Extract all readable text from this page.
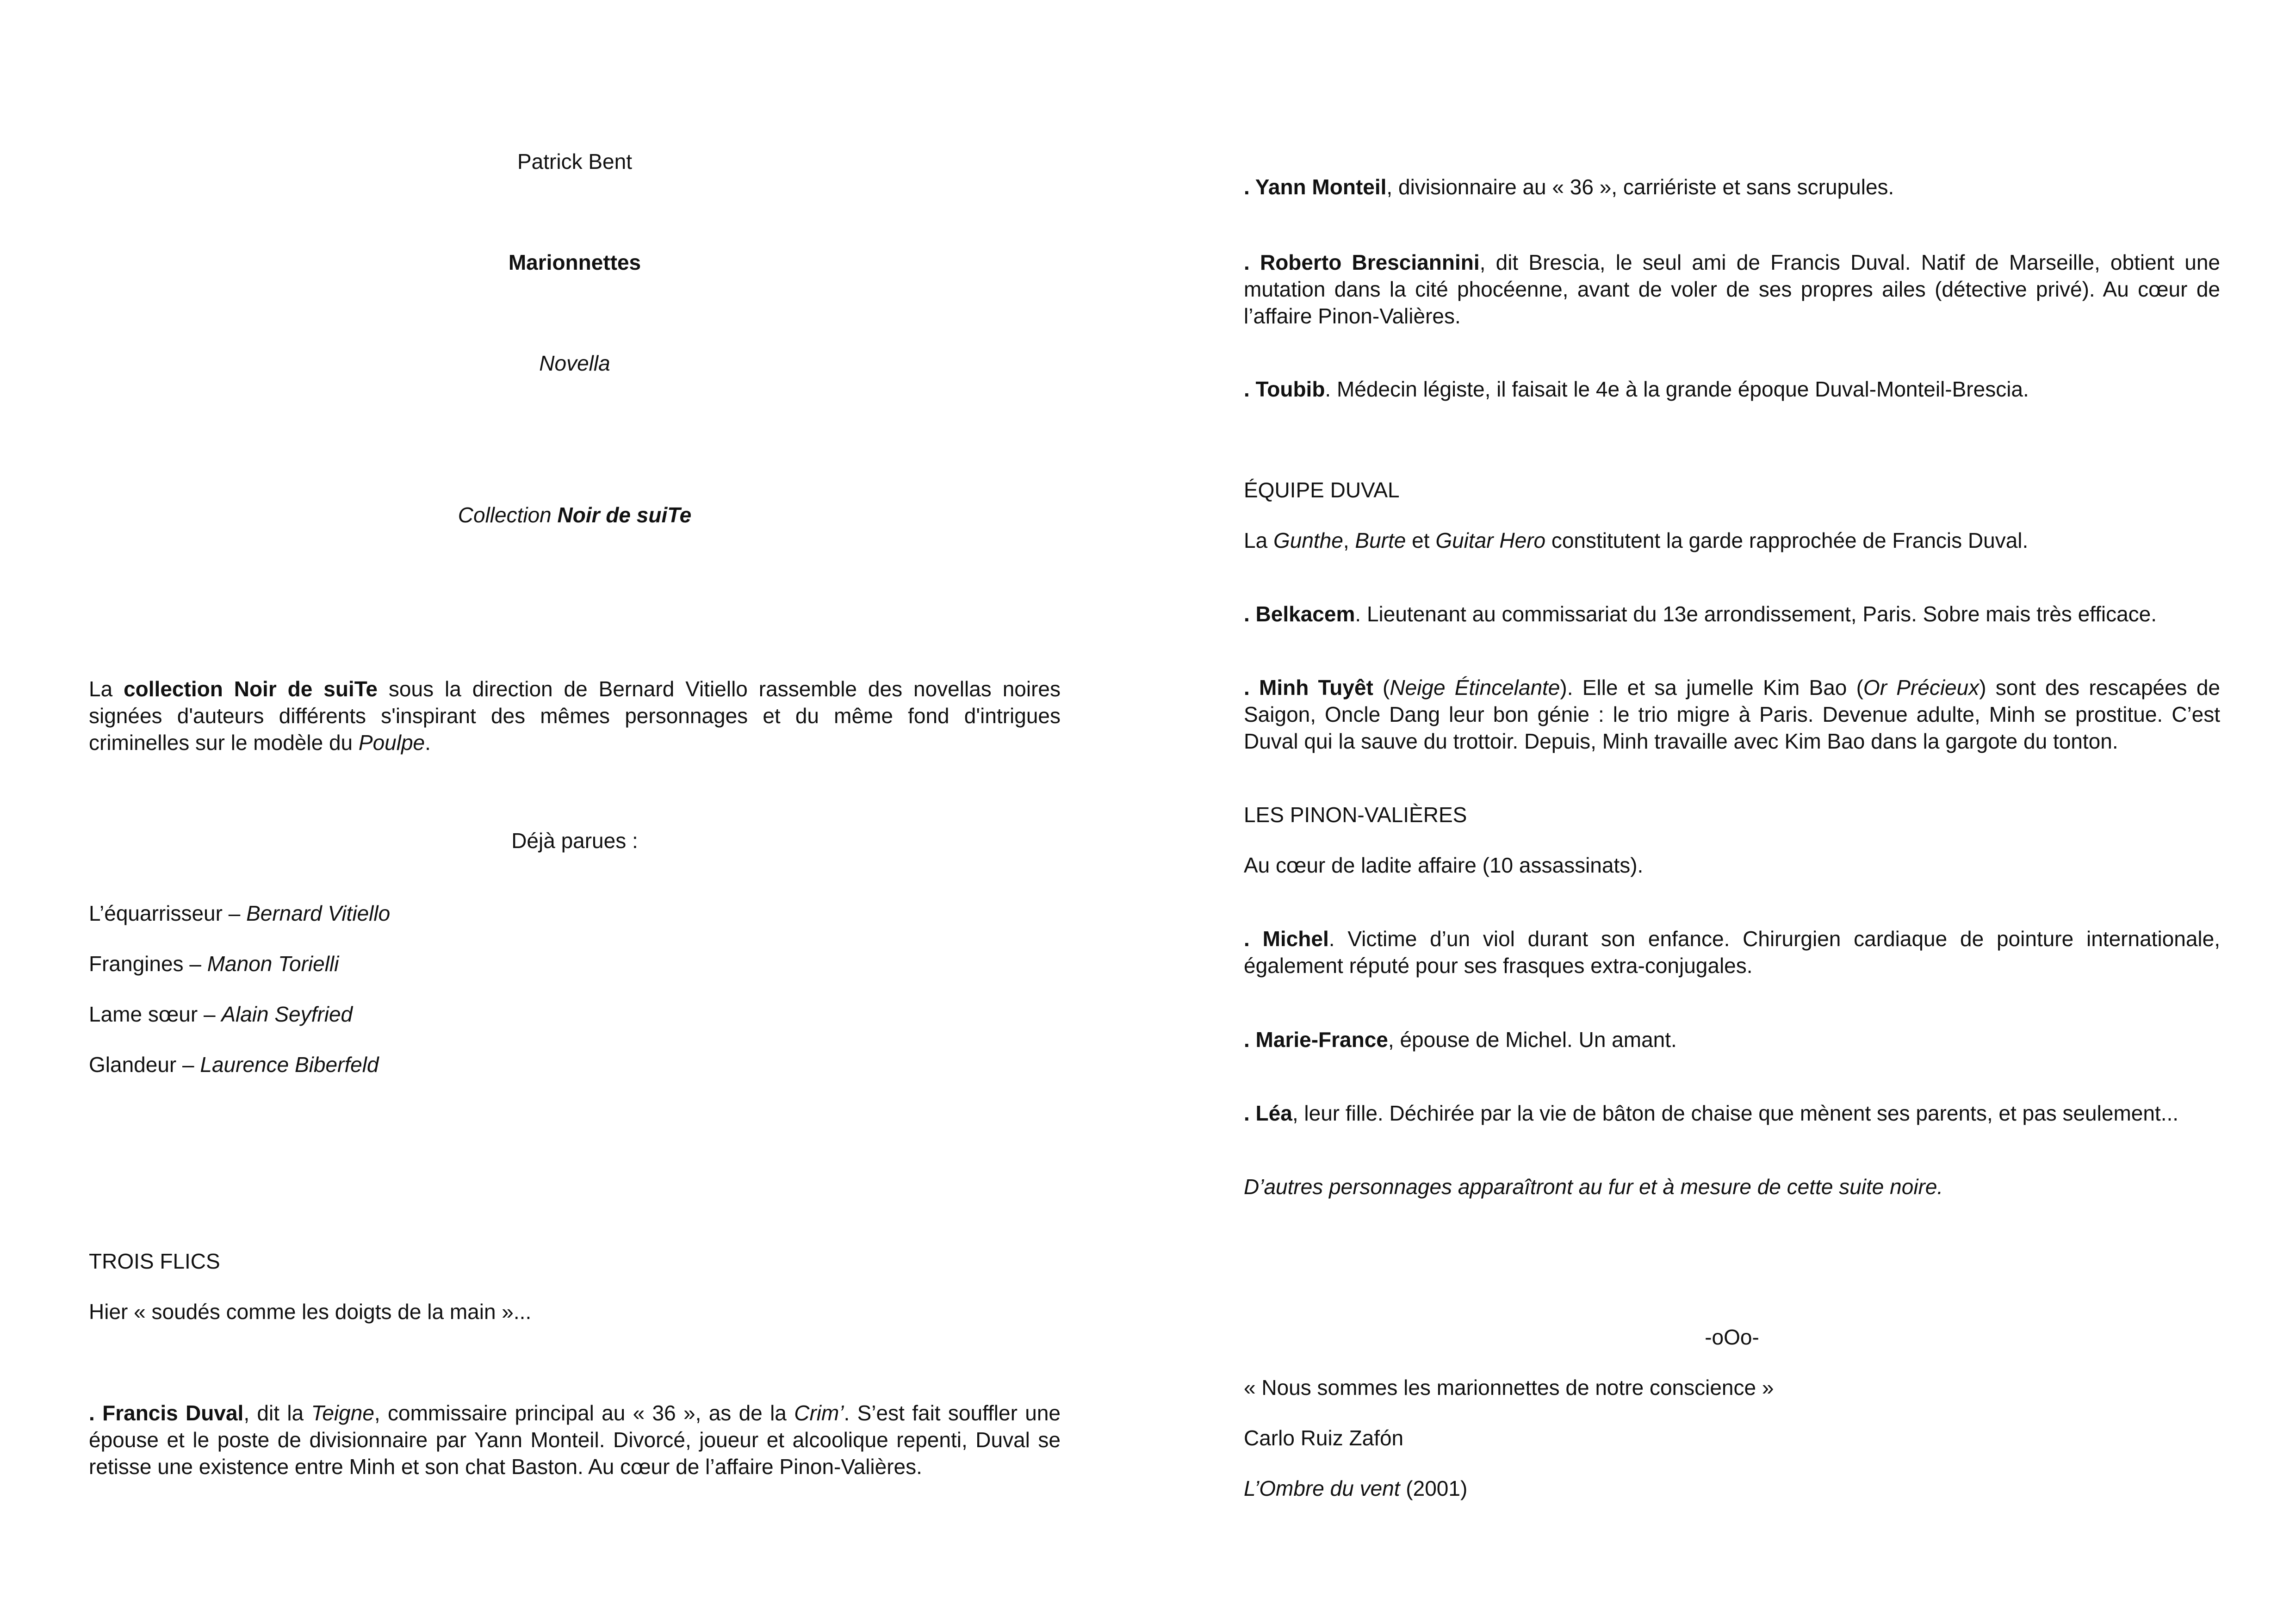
Patrick Bent
Marionnettes
Novella
Collection Noir de suiTe
La collection Noir de suiTe sous la direction de Bernard Vitiello rassemble des novellas noires signées d'auteurs différents s'inspirant des mêmes personnages et du même fond d'intrigues criminelles sur le modèle du Poulpe.
Déjà parues :
L’équarrisseur – Bernard Vitiello
Frangines – Manon Torielli
Lame sœur – Alain Seyfried
Glandeur – Laurence Biberfeld
TROIS FLICS
Hier « soudés comme les doigts de la main »...
. Francis Duval, dit la Teigne, commissaire principal au « 36 », as de la Crim’. S’est fait souffler une épouse et le poste de divisionnaire par Yann Monteil. Divorcé, joueur et alcoolique repenti, Duval se retisse une existence entre Minh et son chat Baston. Au cœur de l’affaire Pinon-Valières.
. Yann Monteil, divisionnaire au « 36 », carriériste et sans scrupules.
. Roberto Bresciannini, dit Brescia, le seul ami de Francis Duval. Natif de Marseille, obtient une mutation dans la cité phocéenne, avant de voler de ses propres ailes (détective privé). Au cœur de l’affaire Pinon-Valières.
. Toubib. Médecin légiste, il faisait le 4e à la grande époque Duval-Monteil-Brescia.
ÉQUIPE DUVAL
La Gunthe, Burte et Guitar Hero constitutent la garde rapprochée de Francis Duval.
. Belkacem. Lieutenant au commissariat du 13e arrondissement, Paris. Sobre mais très efficace.
. Minh Tuyêt (Neige Étincelante). Elle et sa jumelle Kim Bao (Or Précieux) sont des rescapées de Saigon, Oncle Dang leur bon génie : le trio migre à Paris. Devenue adulte, Minh se prostitue. C’est Duval qui la sauve du trottoir. Depuis, Minh travaille avec Kim Bao dans la gargote du tonton.
LES PINON-VALIÈRES
Au cœur de ladite affaire (10 assassinats).
. Michel. Victime d’un viol durant son enfance. Chirurgien cardiaque de pointure internationale, également réputé pour ses frasques extra-conjugales.
. Marie-France, épouse de Michel. Un amant.
. Léa, leur fille. Déchirée par la vie de bâton de chaise que mènent ses parents, et pas seulement...
D’autres personnages apparaîtront au fur et à mesure de cette suite noire.
-oOo-
« Nous sommes les marionnettes de notre conscience »
Carlo Ruiz Zafón
L’Ombre du vent (2001)
